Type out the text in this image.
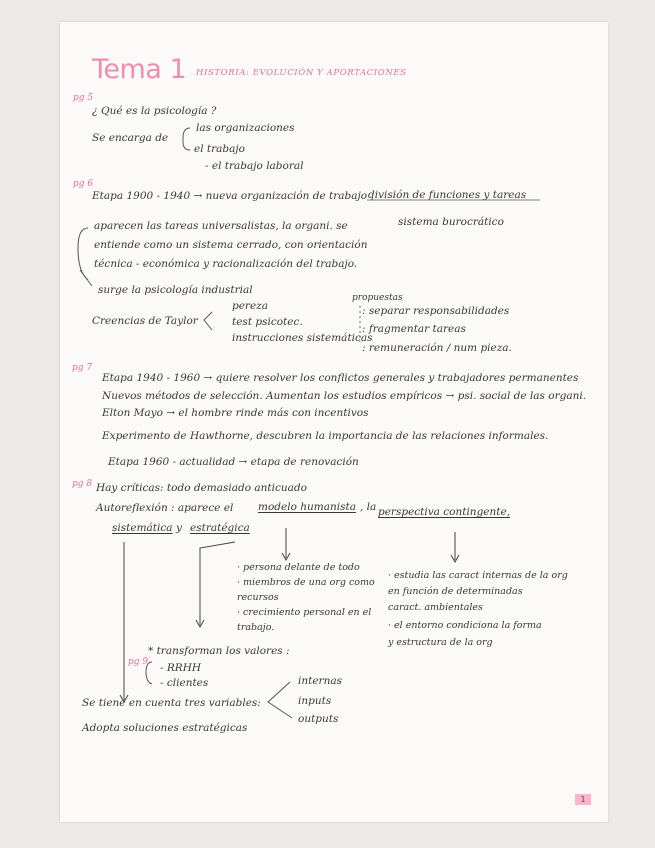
Tema 1 HISTORIA: EVOLUCIÓN Y APORTACIONES
pg 5
¿ Qué es la psicología ?
Se encarga de
las organizaciones
el trabajo
- el trabajo laboral
pg 6
Etapa 1900 - 1940 → nueva organización de trabajo ,
división de funciones y tareas
sistema burocrático
aparecen las tareas universalistas, la organi. se
entiende como un sistema cerrado, con orientación
técnica - económica y racionalización del trabajo.
surge la psicología industrial
Creencias de Taylor
pereza
test psicotec.
instrucciones sistemáticas
propuestas
: separar responsabilidades
: fragmentar tareas
: remuneración / num pieza.
pg 7
Etapa 1940 - 1960 → quiere resolver los conflictos generales y trabajadores permanentes
Nuevos métodos de selección. Aumentan los estudios empíricos → psi. social de las organi.
Elton Mayo → el hombre rinde más con incentivos
Experimento de Hawthorne, descubren la importancia de las relaciones informales.
Etapa 1960 - actualidad → etapa de renovación
pg 8 Hay críticas: todo demasiado anticuado
Autoreflexión : aparece el modelo humanista , la perspectiva contingente,
sistemática y estratégica
· persona delante de todo
· miembros de una org como
recursos
· crecimiento personal en el
trabajo.
· estudia las caract internas de la org
en función de determinadas
caract. ambientales
· el entorno condiciona la forma
y estructura de la org
pg 9
* transforman los valores :
- RRHH
- clientes
Se tiene en cuenta tres variables:
internas
inputs
outputs
Adopta soluciones estratégicas
1
